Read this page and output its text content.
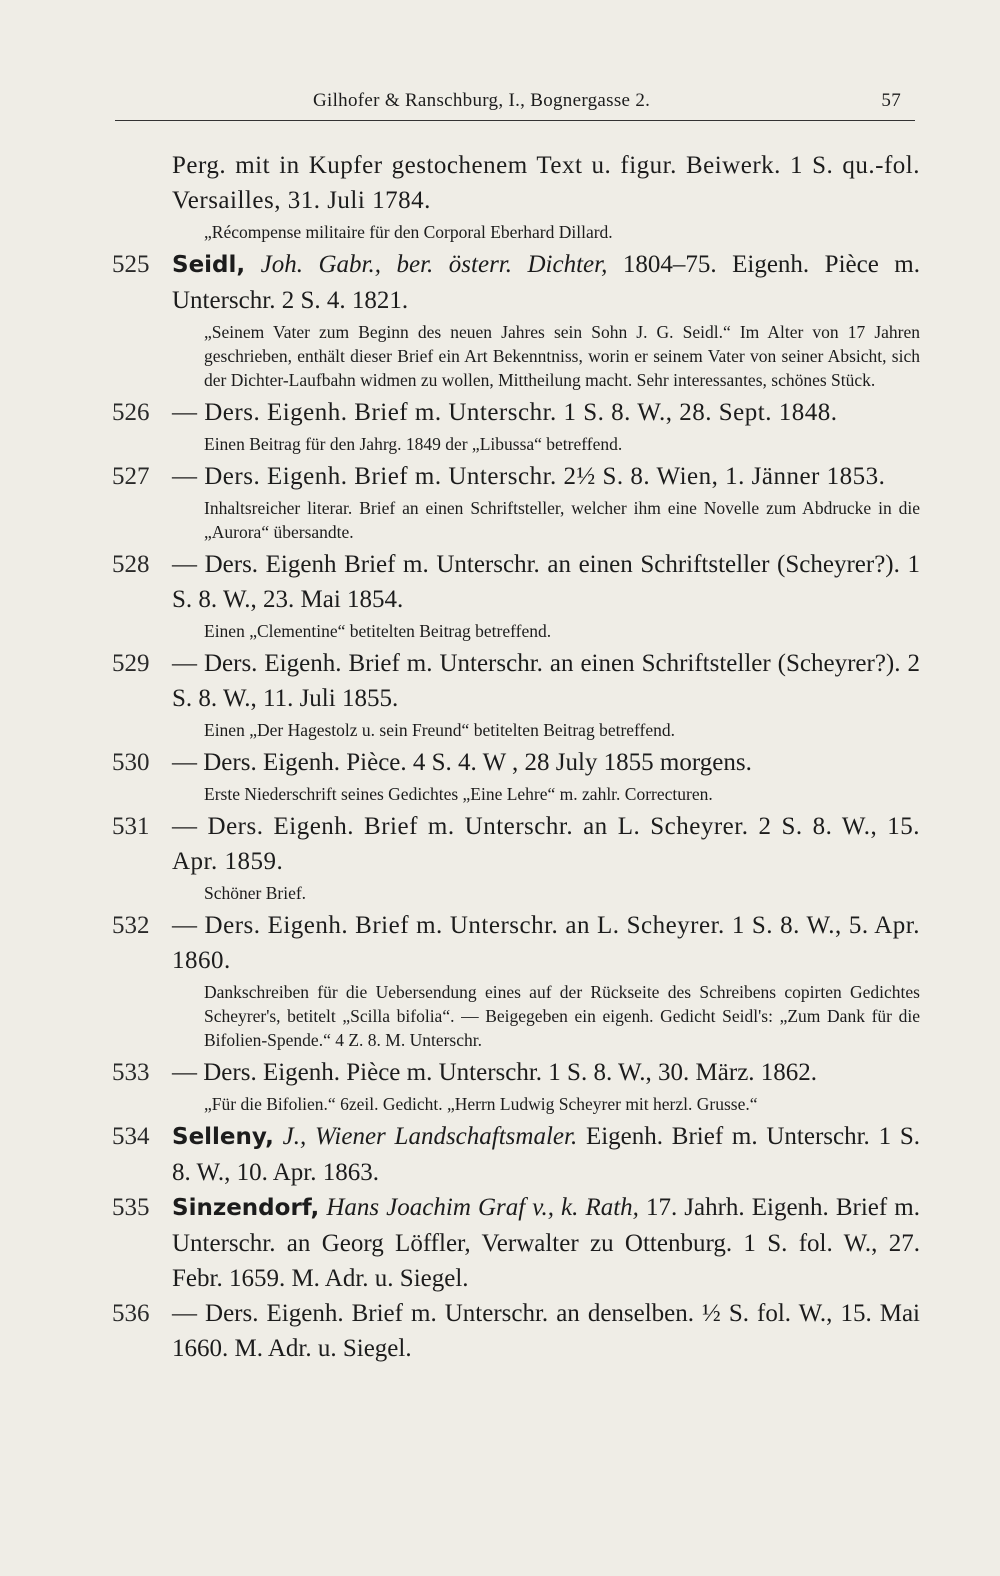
Gilhofer & Ranschburg, I., Bognergasse 2.	57
Perg. mit in Kupfer gestochenem Text u. figur. Beiwerk. 1 S. qu.-fol. Versailles, 31. Juli 1784.
„Récompense militaire für den Corporal Eberhard Dillard.
525 Seidl, Joh. Gabr., ber. österr. Dichter, 1804–75. Eigenh. Pièce m. Unterschr. 2 S. 4. 1821.
„Seinem Vater zum Beginn des neuen Jahres sein Sohn J. G. Seidl.“ Im Alter von 17 Jahren geschrieben, enthält dieser Brief ein Art Bekenntniss, worin er seinem Vater von seiner Absicht, sich der Dichter-Laufbahn widmen zu wollen, Mittheilung macht. Sehr interessantes, schönes Stück.
526 — Ders. Eigenh. Brief m. Unterschr. 1 S. 8. W., 28. Sept. 1848.
Einen Beitrag für den Jahrg. 1849 der „Libussa“ betreffend.
527 — Ders. Eigenh. Brief m. Unterschr. 2½ S. 8. Wien, 1. Jänner 1853.
Inhaltsreicher literar. Brief an einen Schriftsteller, welcher ihm eine Novelle zum Abdrucke in die „Aurora“ übersandte.
528 — Ders. Eigenh Brief m. Unterschr. an einen Schriftsteller (Scheyrer?). 1 S. 8. W., 23. Mai 1854.
Einen „Clementine“ betitelten Beitrag betreffend.
529 — Ders. Eigenh. Brief m. Unterschr. an einen Schriftsteller (Scheyrer?). 2 S. 8. W., 11. Juli 1855.
Einen „Der Hagestolz u. sein Freund“ betitelten Beitrag betreffend.
530 — Ders. Eigenh. Pièce. 4 S. 4. W , 28 July 1855 morgens.
Erste Niederschrift seines Gedichtes „Eine Lehre“ m. zahlr. Correcturen.
531 — Ders. Eigenh. Brief m. Unterschr. an L. Scheyrer. 2 S. 8. W., 15. Apr. 1859.
Schöner Brief.
532 — Ders. Eigenh. Brief m. Unterschr. an L. Scheyrer. 1 S. 8. W., 5. Apr. 1860.
Dankschreiben für die Uebersendung eines auf der Rückseite des Schreibens copirten Gedichtes Scheyrer's, betitelt „Scilla bifolia“. — Beigegeben ein eigenh. Gedicht Seidl's: „Zum Dank für die Bifolien-Spende.“ 4 Z. 8. M. Unterschr.
533 — Ders. Eigenh. Pièce m. Unterschr. 1 S. 8. W., 30. März. 1862.
„Für die Bifolien.“ 6zeil. Gedicht. „Herrn Ludwig Scheyrer mit herzl. Grusse.“
534 Selleny, J., Wiener Landschaftsmaler. Eigenh. Brief m. Unterschr. 1 S. 8. W., 10. Apr. 1863.
535 Sinzendorf, Hans Joachim Graf v., k. Rath, 17. Jahrh. Eigenh. Brief m. Unterschr. an Georg Löffler, Verwalter zu Ottenburg. 1 S. fol. W., 27. Febr. 1659. M. Adr. u. Siegel.
536 — Ders. Eigenh. Brief m. Unterschr. an denselben. ½ S. fol. W., 15. Mai 1660. M. Adr. u. Siegel.
